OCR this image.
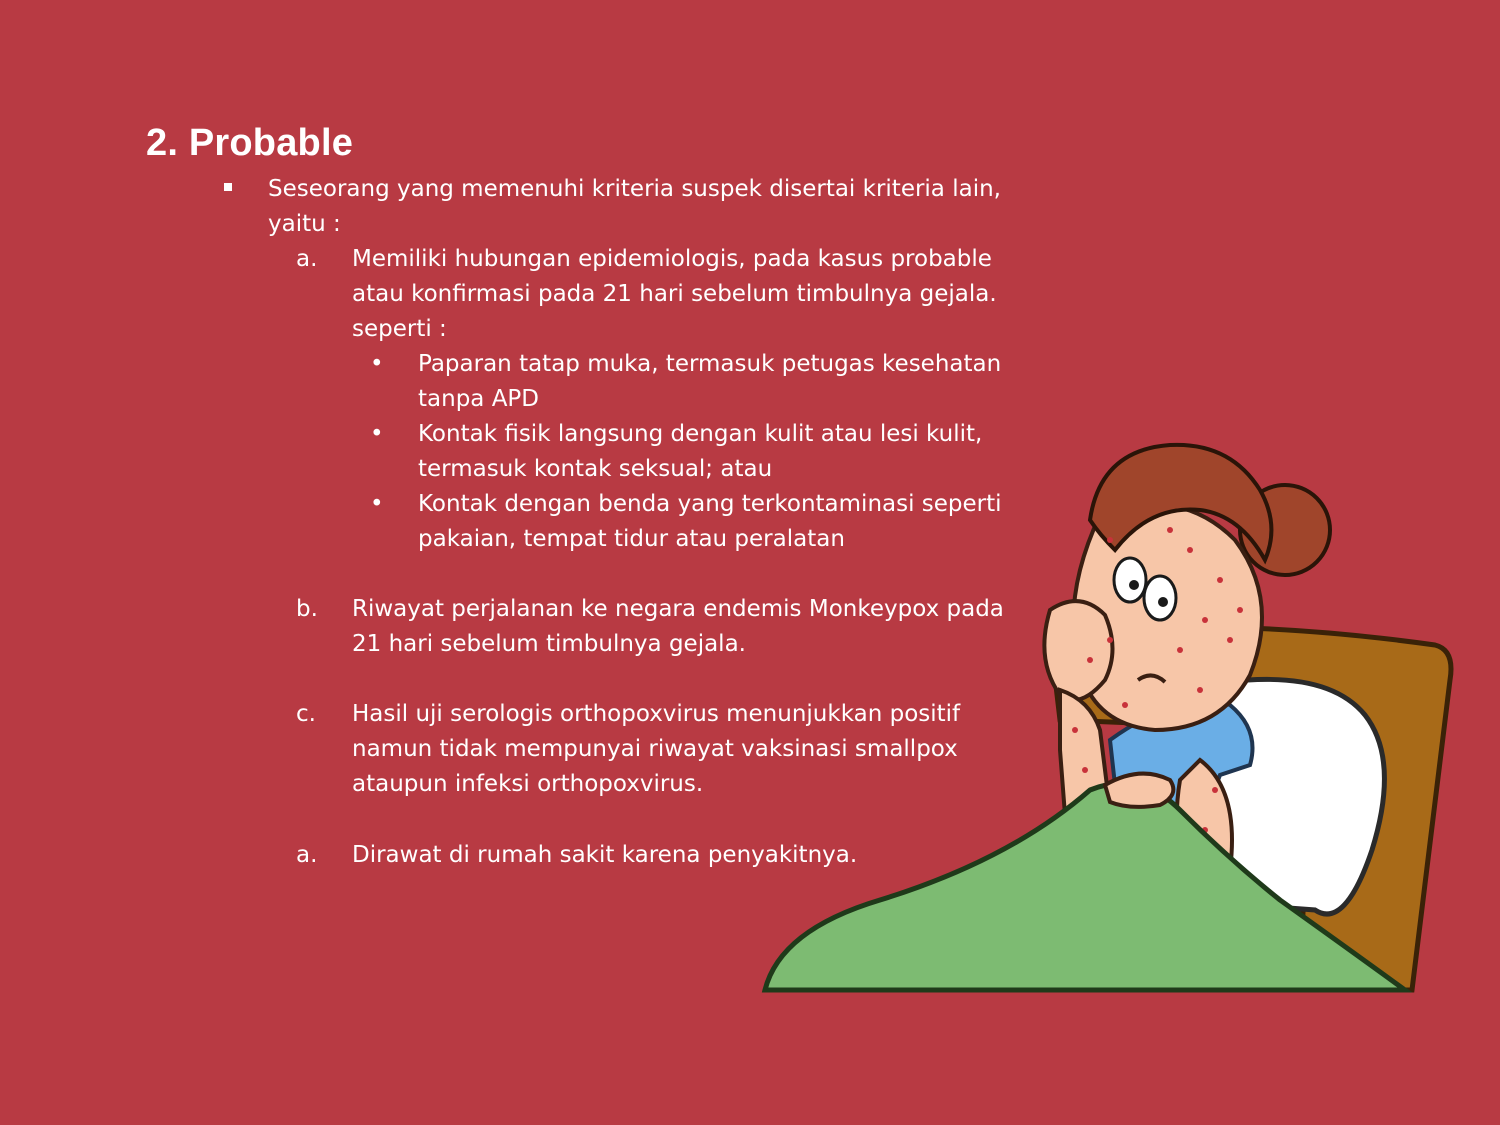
2. Probable
Seseorang yang memenuhi kriteria suspek disertai kriteria lain,
yaitu :
a. Memiliki hubungan epidemiologis, pada kasus probable
atau konfirmasi pada 21 hari sebelum timbulnya gejala.
seperti :
• Paparan tatap muka, termasuk petugas kesehatan
tanpa APD
• Kontak fisik langsung dengan kulit atau lesi kulit,
termasuk kontak seksual; atau
• Kontak dengan benda yang terkontaminasi seperti
pakaian, tempat tidur atau peralatan
b. Riwayat perjalanan ke negara endemis Monkeypox pada
21 hari sebelum timbulnya gejala.
c. Hasil uji serologis orthopoxvirus menunjukkan positif
namun tidak mempunyai riwayat vaksinasi smallpox
ataupun infeksi orthopoxvirus.
a. Dirawat di rumah sakit karena penyakitnya.
